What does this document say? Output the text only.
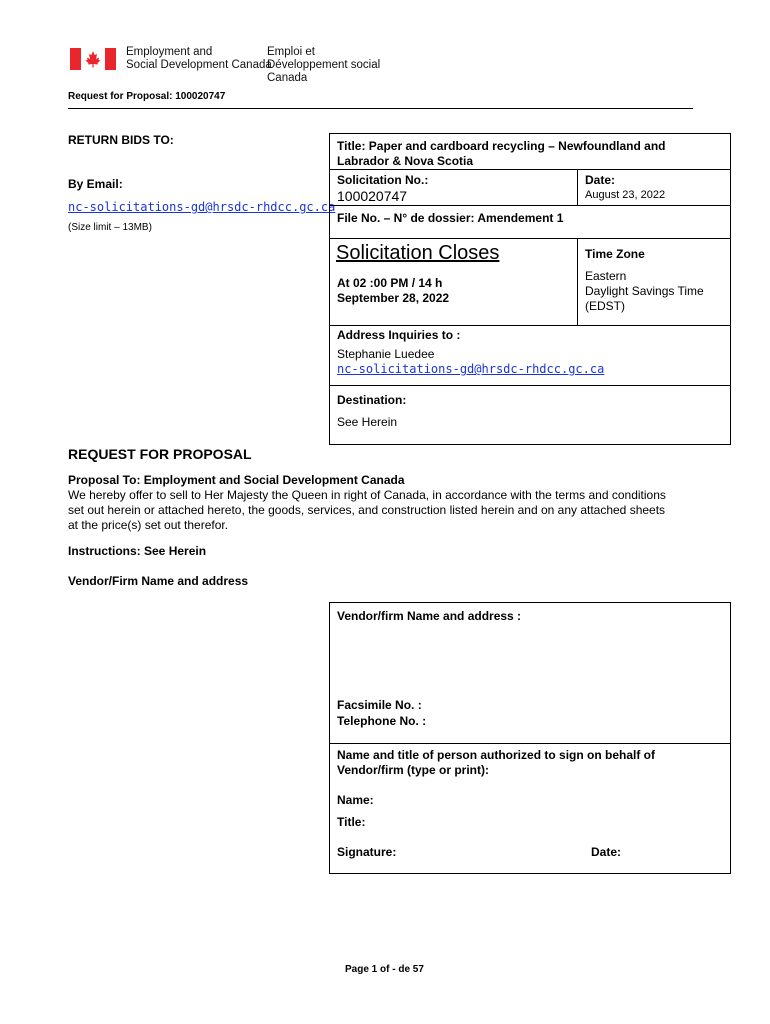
Employment and
Social Development Canada
Emploi et
Développement social Canada
Request for Proposal: 100020747
RETURN BIDS TO:
By Email:
nc-solicitations-gd@hrsdc-rhdcc.gc.ca
(Size limit – 13MB)
Title: Paper and cardboard recycling – Newfoundland and
Labrador & Nova Scotia
Solicitation No.:
100020747
Date:
August 23, 2022
File No. – N° de dossier: Amendement 1
Solicitation Closes
At 02 :00 PM / 14 h
September 28, 2022
Time Zone
Eastern
Daylight Savings Time
(EDST)
Address Inquiries to :
Stephanie Luedee
nc-solicitations-gd@hrsdc-rhdcc.gc.ca
Destination:
See Herein
REQUEST FOR PROPOSAL
Proposal To: Employment and Social Development Canada
We hereby offer to sell to Her Majesty the Queen in right of Canada, in accordance with the terms and conditions
set out herein or attached hereto, the goods, services, and construction listed herein and on any attached sheets
at the price(s) set out therefor.
Instructions: See Herein
Vendor/Firm Name and address
Vendor/firm Name and address :
Facsimile No. :
Telephone No. :
Name and title of person authorized to sign on behalf of
Vendor/firm (type or print):
Name:
Title:
Signature:	Date:
Page 1 of - de 57
